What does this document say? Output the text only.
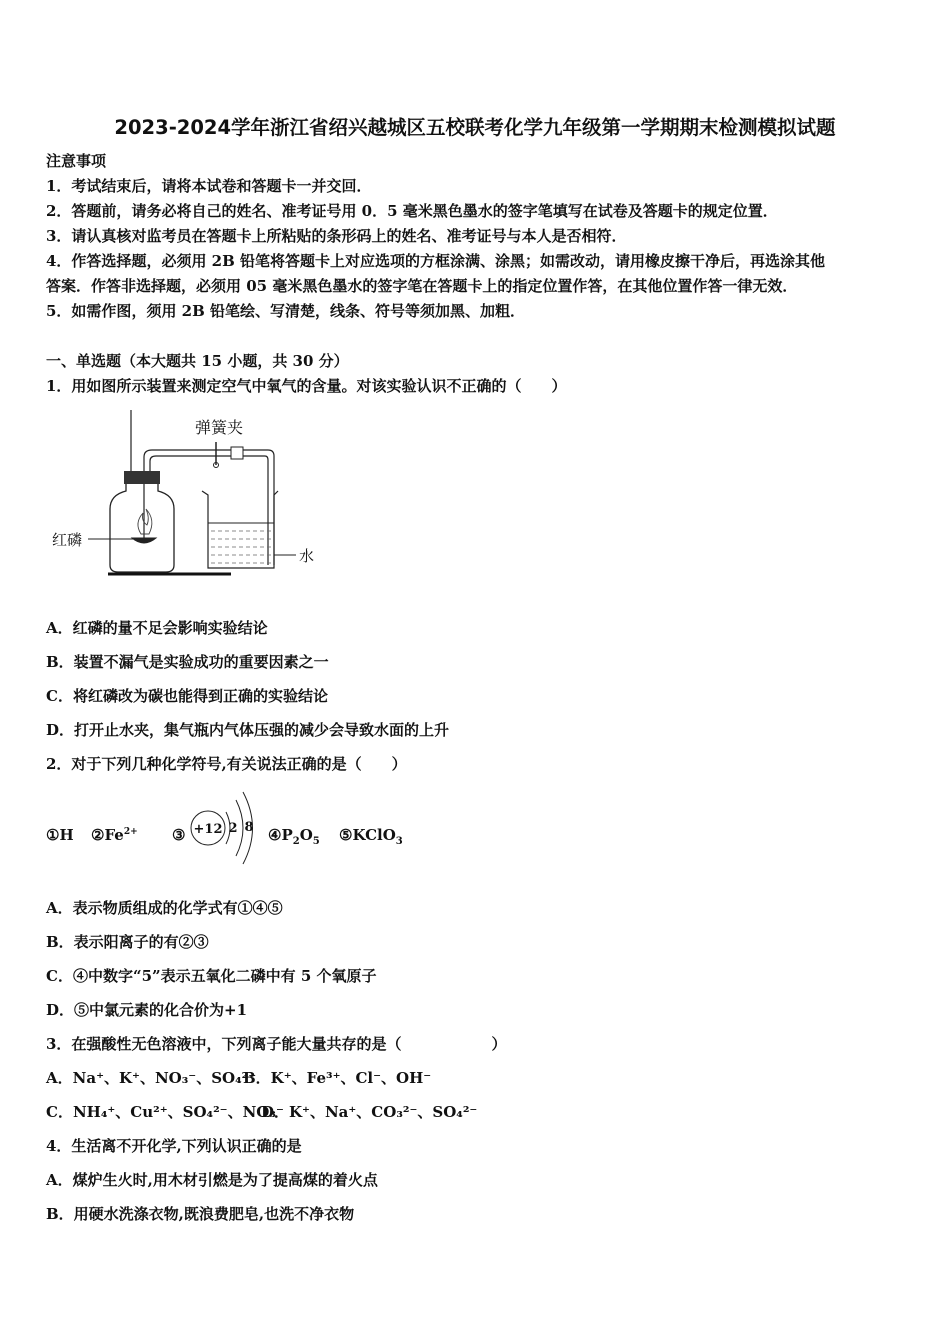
2023-2024学年浙江省绍兴越城区五校联考化学九年级第一学期期末检测模拟试题
注意事项
1．考试结束后，请将本试卷和答题卡一并交回．
2．答题前，请务必将自己的姓名、准考证号用 0．5 毫米黑色墨水的签字笔填写在试卷及答题卡的规定位置．
3．请认真核对监考员在答题卡上所粘贴的条形码上的姓名、准考证号与本人是否相符．
4．作答选择题，必须用 2B 铅笔将答题卡上对应选项的方框涂满、涂黑；如需改动，请用橡皮擦干净后，再选涂其他
答案．作答非选择题，必须用 05 毫米黑色墨水的签字笔在答题卡上的指定位置作答，在其他位置作答一律无效．
5．如需作图，须用 2B 铅笔绘、写清楚，线条、符号等须加黑、加粗．
一、单选题（本大题共 15 小题，共 30 分）
1．用如图所示装置来测定空气中氧气的含量。对该实验认识不正确的（　　）
弹簧夹
红磷
水
A．红磷的量不足会影响实验结论
B．装置不漏气是实验成功的重要因素之一
C．将红磷改为碳也能得到正确的实验结论
D．打开止水夹，集气瓶内气体压强的减少会导致水面的上升
2．对于下列几种化学符号,有关说法正确的是（　　）
①H $②Fe^{2+}$ ③ +12 2 8 $④P_2O_5$ ⑤KClO$_3$
A．表示物质组成的化学式有①④⑤
B．表示阳离子的有②③
C．④中数字“5”表示五氧化二磷中有 5 个氧原子
D．⑤中氯元素的化合价为+1
3．在强酸性无色溶液中，下列离子能大量共存的是（　　　　　　）
A．Na⁺、K⁺、NO₃⁻、SO₄²⁻
B．K⁺、Fe³⁺、Cl⁻、OH⁻
C．NH₄⁺、Cu²⁺、SO₄²⁻、NO₃⁻
D．K⁺、Na⁺、CO₃²⁻、SO₄²⁻
4．生活离不开化学,下列认识正确的是
A．煤炉生火时,用木材引燃是为了提高煤的着火点
B．用硬水洗涤衣物,既浪费肥皂,也洗不净衣物
